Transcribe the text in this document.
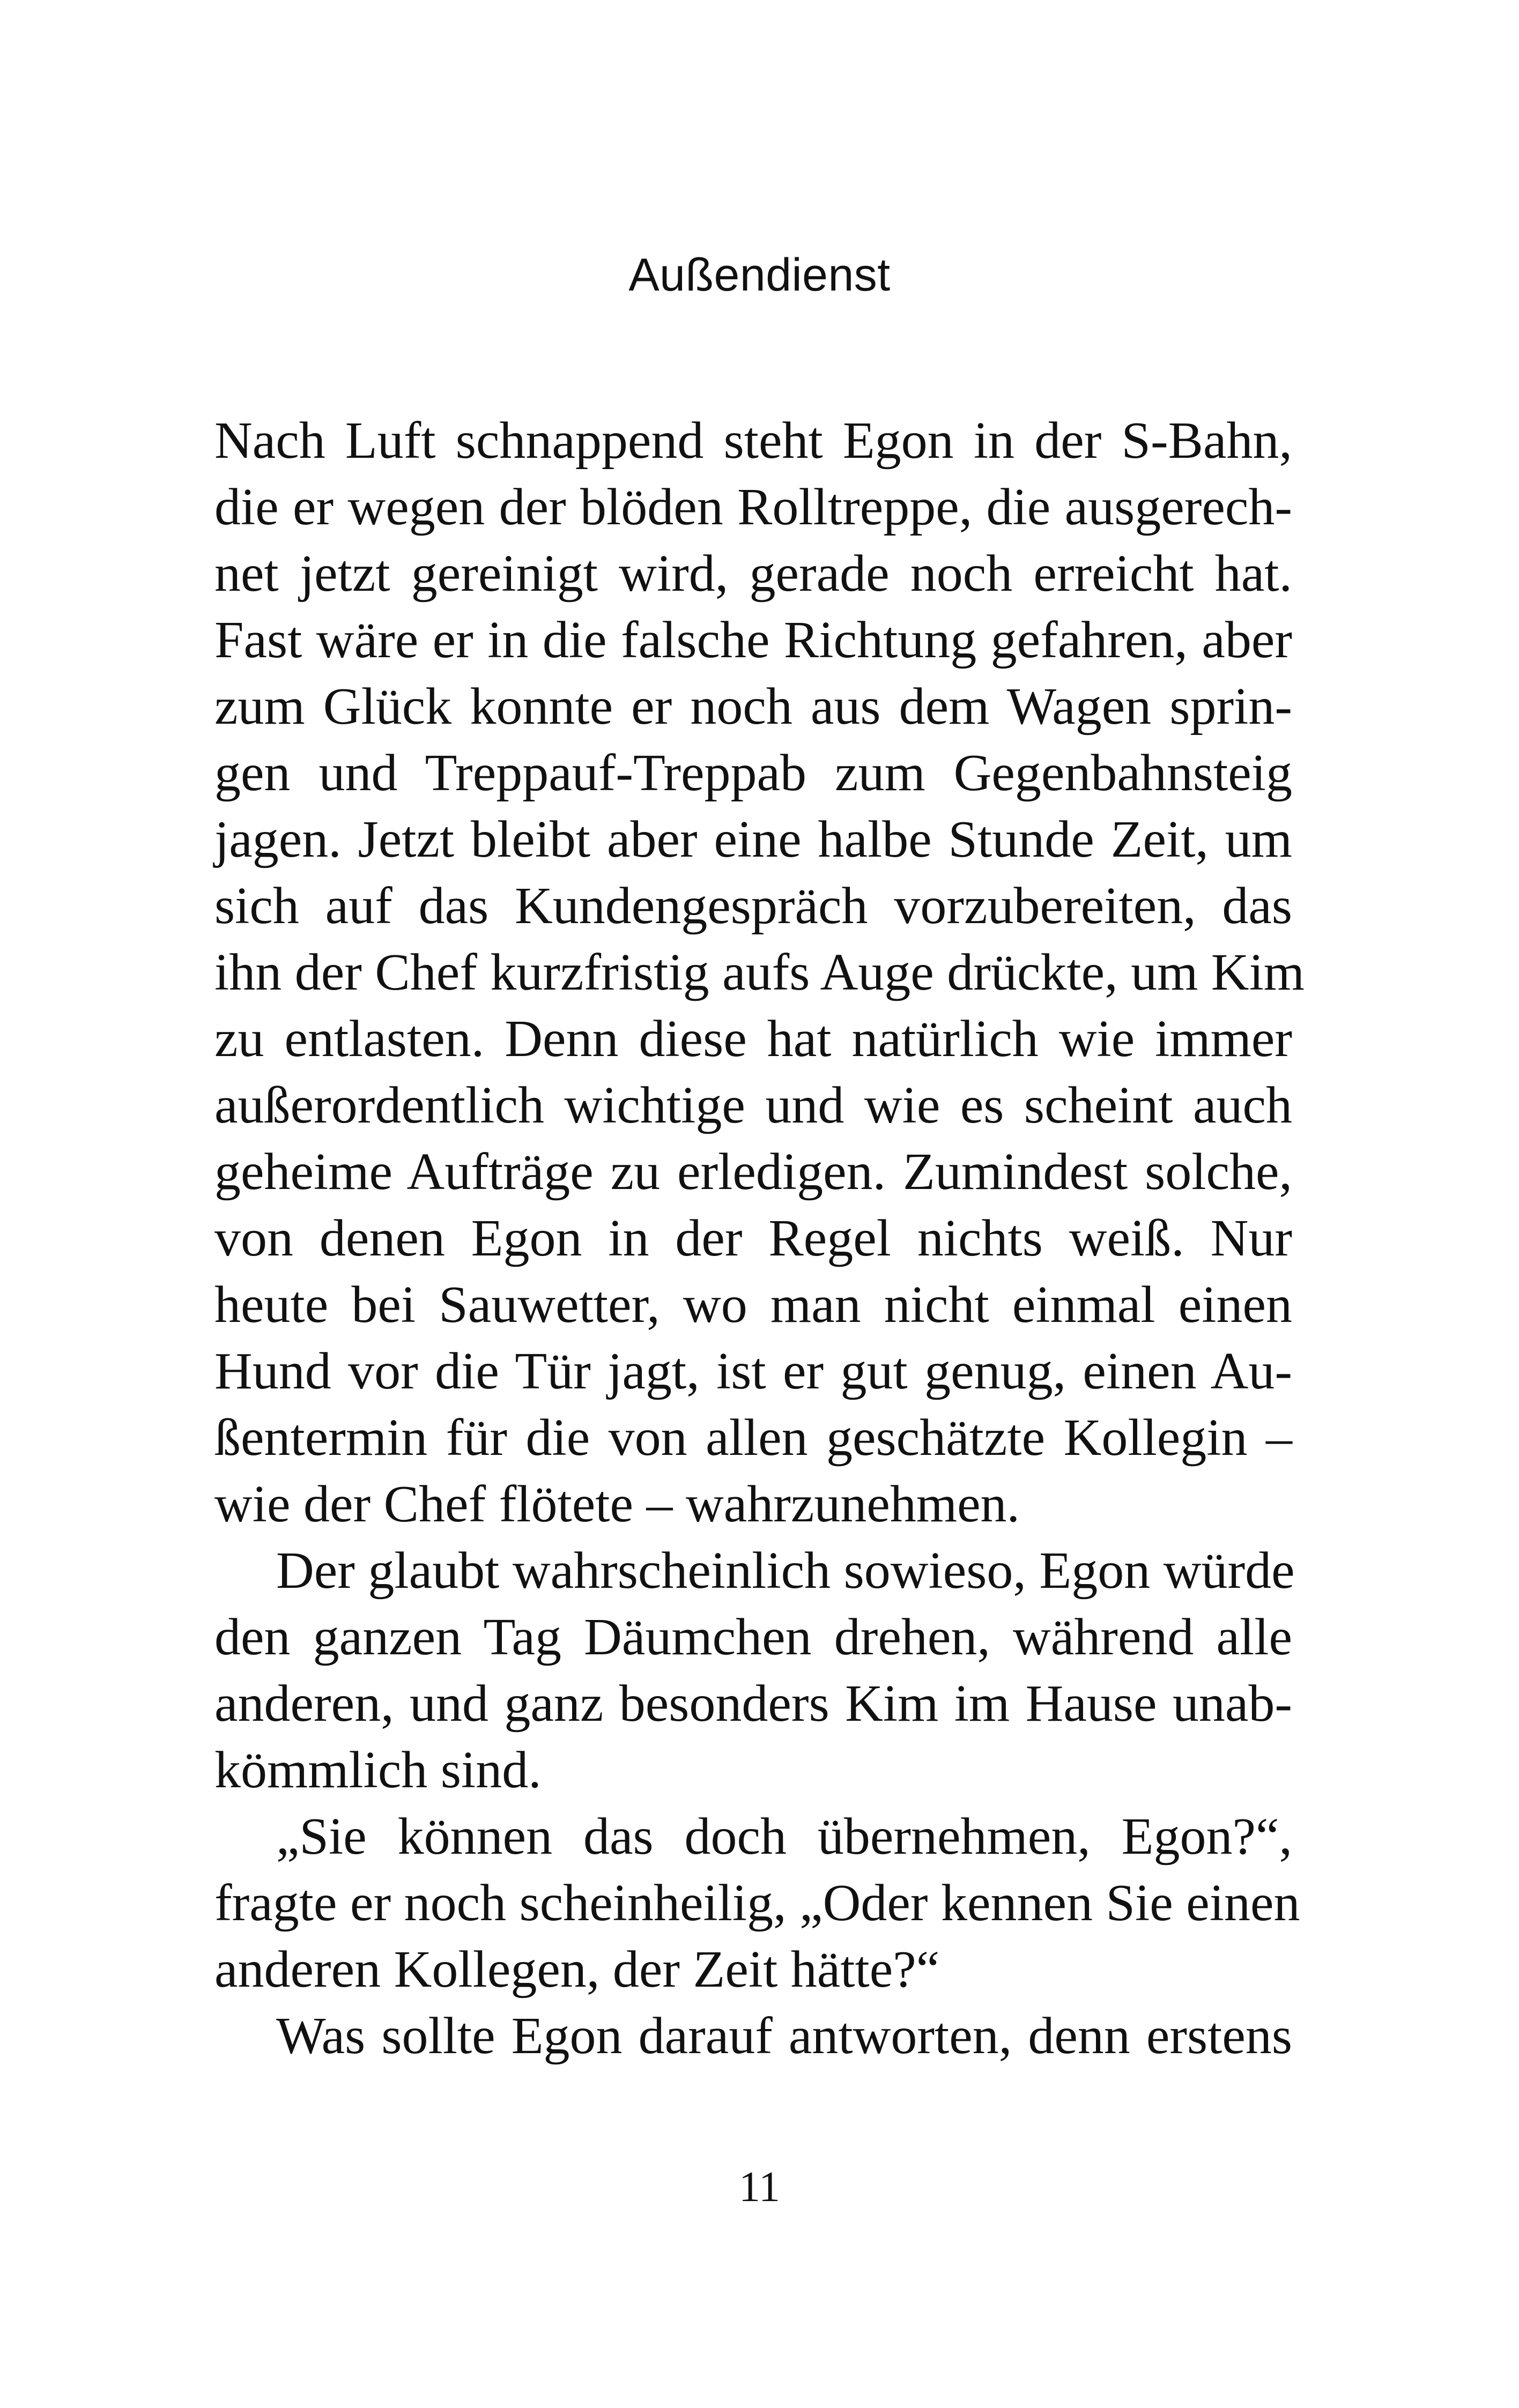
Außendienst
Nach Luft schnappend steht Egon in der S-Bahn,
die er wegen der blöden Rolltreppe, die ausgerech-
net jetzt gereinigt wird, gerade noch erreicht hat.
Fast wäre er in die falsche Richtung gefahren, aber
zum Glück konnte er noch aus dem Wagen sprin-
gen und Treppauf-Treppab zum Gegenbahnsteig
jagen. Jetzt bleibt aber eine halbe Stunde Zeit, um
sich auf das Kundengespräch vorzubereiten, das
ihn der Chef kurzfristig aufs Auge drückte, um Kim
zu entlasten. Denn diese hat natürlich wie immer
außerordentlich wichtige und wie es scheint auch
geheime Aufträge zu erledigen. Zumindest solche,
von denen Egon in der Regel nichts weiß. Nur
heute bei Sauwetter, wo man nicht einmal einen
Hund vor die Tür jagt, ist er gut genug, einen Au-
ßentermin für die von allen geschätzte Kollegin –
wie der Chef flötete – wahrzunehmen.
Der glaubt wahrscheinlich sowieso, Egon würde
den ganzen Tag Däumchen drehen, während alle
anderen, und ganz besonders Kim im Hause unab-
kömmlich sind.
„Sie können das doch übernehmen, Egon?“,
fragte er noch scheinheilig, „Oder kennen Sie einen
anderen Kollegen, der Zeit hätte?“
Was sollte Egon darauf antworten, denn erstens
11
